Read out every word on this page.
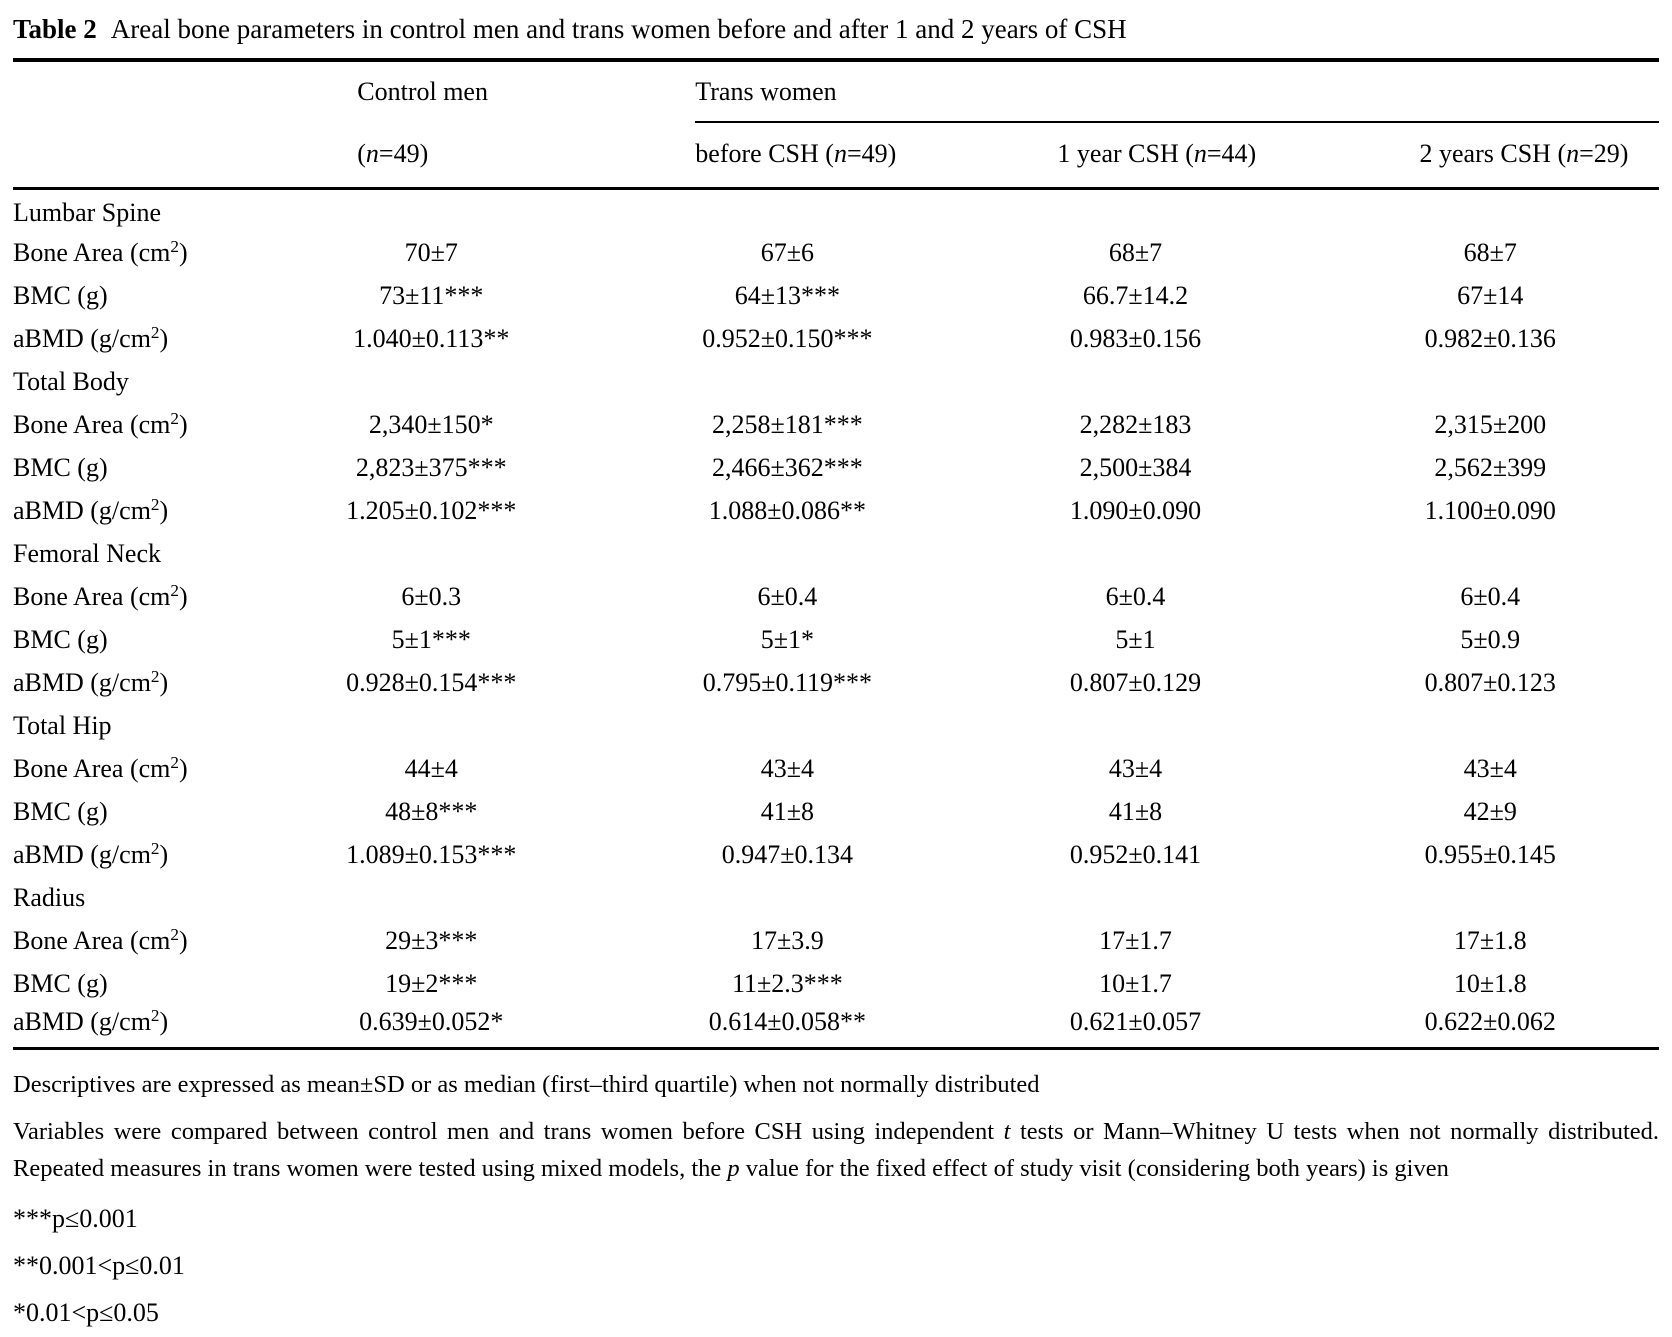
Table 2 Areal bone parameters in control men and trans women before and after 1 and 2 years of CSH
	Control men	Trans women		
	(n=49)	before CSH (n=49)	1 year CSH (n=44)	2 years CSH (n=29)
Lumbar Spine				
Bone Area $(cm^2)$	70±7	67±6	68±7	68±7
BMC (g)	73±11***	64±13***	66.7±14.2	67±14
aBMD $(g/cm^2)$	1.040±0.113**	0.952±0.150***	0.983±0.156	0.982±0.136
Total Body				
Bone Area $(cm^2)$	2,340±150*	2,258±181***	2,282±183	2,315±200
BMC (g)	2,823±375***	2,466±362***	2,500±384	2,562±399
aBMD $(g/cm^2)$	1.205±0.102***	1.088±0.086**	1.090±0.090	1.100±0.090
Femoral Neck				
Bone Area $(cm^2)$	6±0.3	6±0.4	6±0.4	6±0.4
BMC (g)	5±1***	5±1*	5±1	5±0.9
aBMD $(g/cm^2)$	0.928±0.154***	0.795±0.119***	0.807±0.129	0.807±0.123
Total Hip				
Bone Area $(cm^2)$	44±4	43±4	43±4	43±4
BMC (g)	48±8***	41±8	41±8	42±9
aBMD $(g/cm^2)$	1.089±0.153***	0.947±0.134	0.952±0.141	0.955±0.145
Radius				
Bone Area $(cm^2)$	29±3***	17±3.9	17±1.7	17±1.8
BMC (g)	19±2***	11±2.3***	10±1.7	10±1.8
aBMD $(g/cm^2)$	0.639±0.052*	0.614±0.058**	0.621±0.057	0.622±0.062

Descriptives are expressed as mean±SD or as median (first–third quartile) when not normally distributed

Variables were compared between control men and trans women before CSH using independent t tests or Mann–Whitney U tests when not normally distributed. Repeated measures in trans women were tested using mixed models, the p value for the fixed effect of study visit (considering both years) is given

***p≤0.001

**0.001<p≤0.01

*0.01<p≤0.05
